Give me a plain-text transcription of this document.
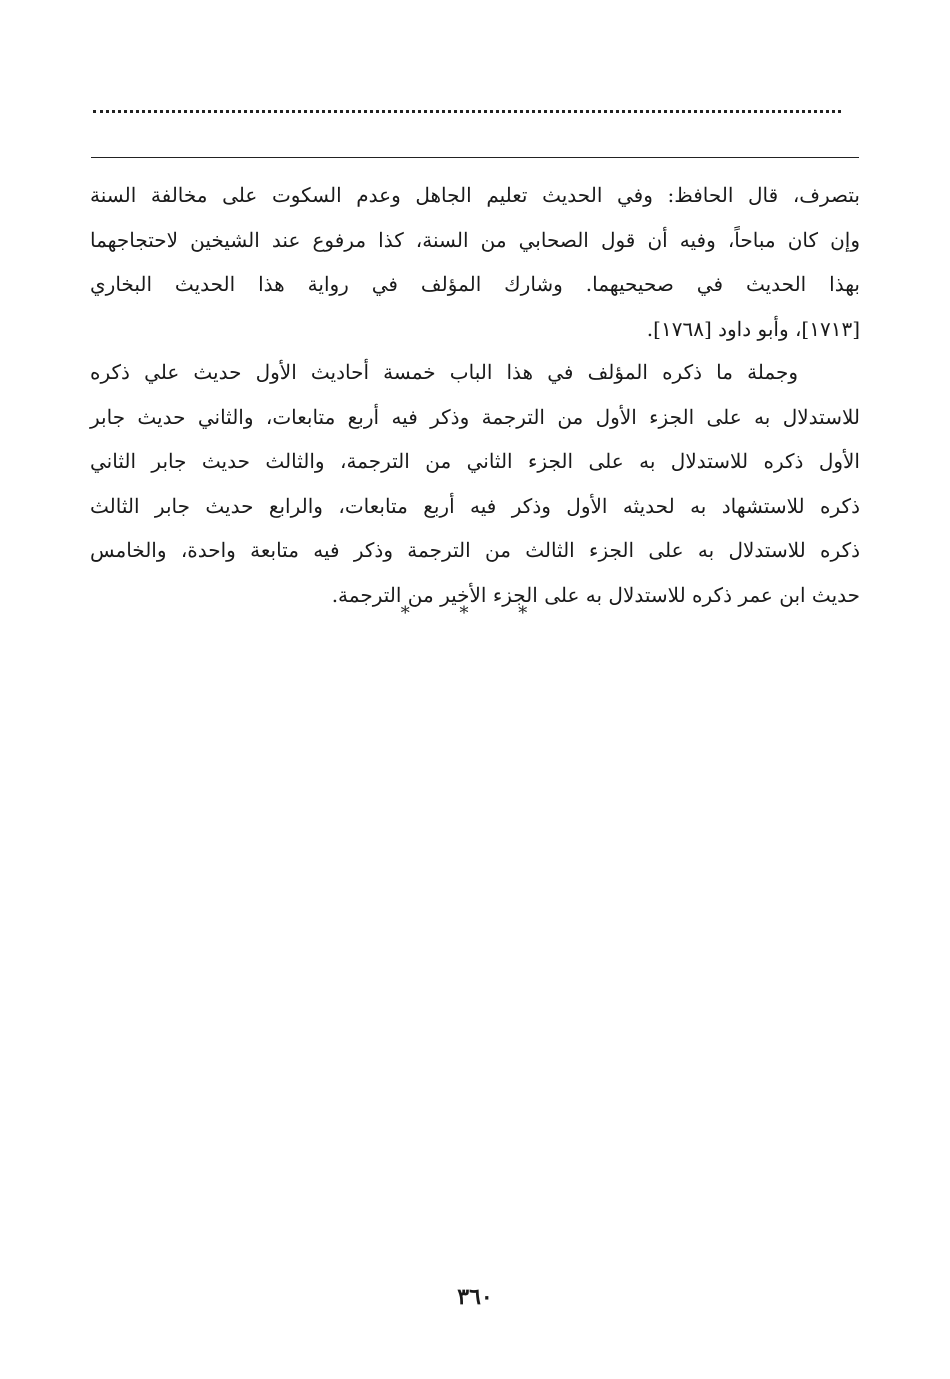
بتصرف، قال الحافظ: وفي الحديث تعليم الجاهل وعدم السكوت على مخالفة السنة
وإن كان مباحاً، وفيه أن قول الصحابي من السنة، كذا مرفوع عند الشيخين لاحتجاجهما
بهذا الحديث في صحيحيهما. وشارك المؤلف في رواية هذا الحديث البخاري
[١٧١٣]، وأبو داود [١٧٦٨].
وجملة ما ذكره المؤلف في هذا الباب خمسة أحاديث الأول حديث علي ذكره
للاستدلال به على الجزء الأول من الترجمة وذكر فيه أربع متابعات، والثاني حديث جابر
الأول ذكره للاستدلال به على الجزء الثاني من الترجمة، والثالث حديث جابر الثاني
ذكره للاستشهاد به لحديثه الأول وذكر فيه أربع متابعات، والرابع حديث جابر الثالث
ذكره للاستدلال به على الجزء الثالث من الترجمة وذكر فيه متابعة واحدة، والخامس
حديث ابن عمر ذكره للاستدلال به على الجزء الأخير من الترجمة.
* * *
٣٦٠
